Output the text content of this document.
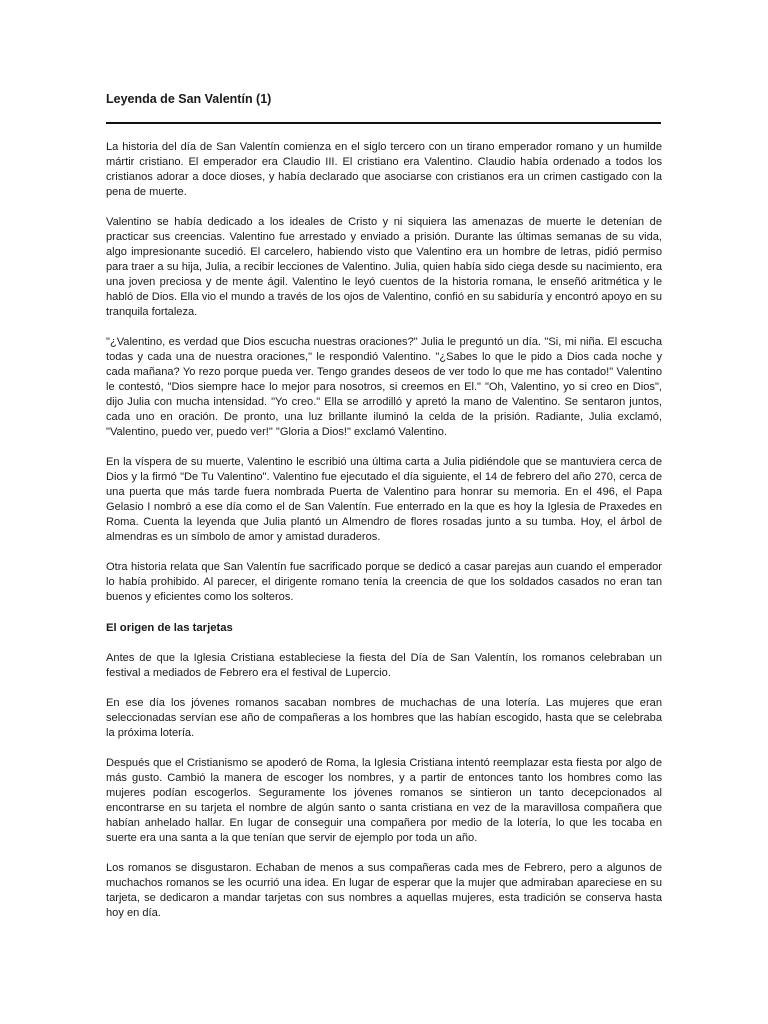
Leyenda de San Valentín (1)

La historia del día de San Valentín comienza en el siglo tercero con un tirano emperador romano y un humilde mártir cristiano. El emperador era Claudio III. El cristiano era Valentino. Claudio había ordenado a todos los cristianos adorar a doce dioses, y había declarado que asociarse con cristianos era un crimen castigado con la pena de muerte.

Valentino se había dedicado a los ideales de Cristo y ni siquiera las amenazas de muerte le detenían de practicar sus creencias. Valentino fue arrestado y enviado a prisión. Durante las últimas semanas de su vida, algo impresionante sucedió. El carcelero, habiendo visto que Valentino era un hombre de letras, pidió permiso para traer a su hija, Julia, a recibir lecciones de Valentino. Julia, quien había sido ciega desde su nacimiento, era una joven preciosa y de mente ágil. Valentino le leyó cuentos de la historia romana, le enseñó aritmética y le habló de Dios. Ella vio el mundo a través de los ojos de Valentino, confió en su sabiduría y encontró apoyo en su tranquila fortaleza.

"¿Valentino, es verdad que Dios escucha nuestras oraciones?" Julia le preguntó un día. "Si, mi niña. El escucha todas y cada una de nuestra oraciones," le respondió Valentino. "¿Sabes lo que le pido a Dios cada noche y cada mañana? Yo rezo porque pueda ver. Tengo grandes deseos de ver todo lo que me has contado!" Valentino le contestó, "Dios siempre hace lo mejor para nosotros, si creemos en El." "Oh, Valentino, yo si creo en Dios", dijo Julia con mucha intensidad. "Yo creo." Ella se arrodilló y apretó la mano de Valentino. Se sentaron juntos, cada uno en oración. De pronto, una luz brillante iluminó la celda de la prisión. Radiante, Julia exclamó, "Valentino, puedo ver, puedo ver!" "Gloria a Dios!" exclamó Valentino.

En la víspera de su muerte, Valentino le escribió una última carta a Julia pidiéndole que se mantuviera cerca de Dios y la firmó "De Tu Valentino". Valentino fue ejecutado el día siguiente, el 14 de febrero del año 270, cerca de una puerta que más tarde fuera nombrada Puerta de Valentino para honrar su memoria. En el 496, el Papa Gelasio I nombró a ese día como el de San Valentín. Fue enterrado en la que es hoy la Iglesia de Praxedes en Roma. Cuenta la leyenda que Julia plantó un Almendro de flores rosadas junto a su tumba. Hoy, el árbol de almendras es un símbolo de amor y amistad duraderos.

Otra historia relata que San Valentín fue sacrificado porque se dedicó a casar parejas aun cuando el emperador lo había prohibido. Al parecer, el dirigente romano tenía la creencia de que los soldados casados no eran tan buenos y eficientes como los solteros.

El origen de las tarjetas

Antes de que la Iglesia Cristiana estableciese la fiesta del Día de San Valentín, los romanos celebraban un festival a mediados de Febrero era el festival de Lupercio.

En ese día los jóvenes romanos sacaban nombres de muchachas de una lotería. Las mujeres que eran seleccionadas servían ese año de compañeras a los hombres que las habían escogido, hasta que se celebraba la próxima lotería.

Después que el Cristianismo se apoderó de Roma, la Iglesia Cristiana intentó reemplazar esta fiesta por algo de más gusto. Cambió la manera de escoger los nombres, y a partir de entonces tanto los hombres como las mujeres podían escogerlos. Seguramente los jóvenes romanos se sintieron un tanto decepcionados al encontrarse en su tarjeta el nombre de algún santo o santa cristiana en vez de la maravillosa compañera que habían anhelado hallar. En lugar de conseguir una compañera por medio de la lotería, lo que les tocaba en suerte era una santa a la que tenían que servir de ejemplo por toda un año.

Los romanos se disgustaron. Echaban de menos a sus compañeras cada mes de Febrero, pero a algunos de muchachos romanos se les ocurrió una idea. En lugar de esperar que la mujer que admiraban apareciese en su tarjeta, se dedicaron a mandar tarjetas con sus nombres a aquellas mujeres, esta tradición se conserva hasta hoy en día.
